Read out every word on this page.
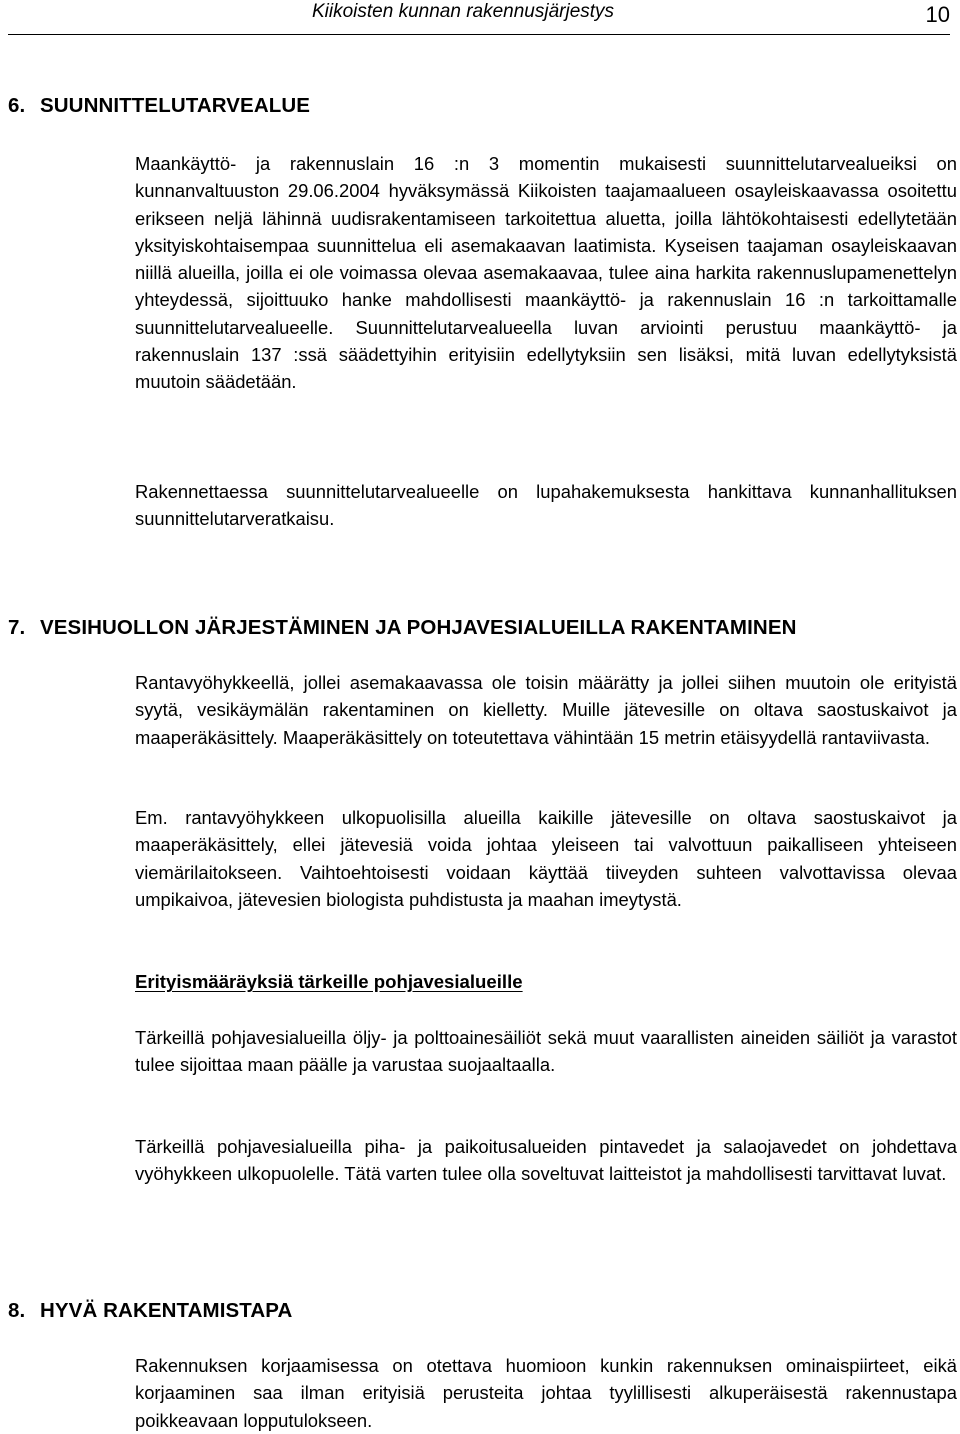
Kiikoisten kunnan rakennusjärjestys	10
6. SUUNNITTELUTARVEALUE

Maankäyttö- ja rakennuslain 16 :n 3 momentin mukaisesti suunnittelutarvealueiksi on kunnanvaltuuston 29.06.2004 hyväksymässä Kiikoisten taajamaalueen osayleiskaavassa osoitettu erikseen neljä lähinnä uudisrakentamiseen tarkoitettua aluetta, joilla lähtökohtaisesti edellytetään yksityiskohtaisempaa suunnittelua eli asemakaavan laatimista. Kyseisen taajaman osayleiskaavan niillä alueilla, joilla ei ole voimassa olevaa asemakaavaa, tulee aina harkita rakennuslupamenettelyn yhteydessä, sijoittuuko hanke mahdollisesti maankäyttö- ja rakennuslain 16 :n tarkoittamalle suunnittelutarvealueelle. Suunnittelutarvealueella luvan arviointi perustuu maankäyttö- ja rakennuslain 137 :ssä säädettyihin erityisiin edellytyksiin sen lisäksi, mitä luvan edellytyksistä muutoin säädetään.

Rakennettaessa suunnittelutarvealueelle on lupahakemuksesta hankittava kunnanhallituksen suunnittelutarveratkaisu.

7. VESIHUOLLON JÄRJESTÄMINEN JA POHJAVESIALUEILLA RAKENTAMINEN

Rantavyöhykkeellä, jollei asemakaavassa ole toisin määrätty ja jollei siihen muutoin ole erityistä syytä, vesikäymälän rakentaminen on kielletty. Muille jätevesille on oltava saostuskaivot ja maaperäkäsittely. Maaperäkäsittely on toteutettava vähintään 15 metrin etäisyydellä rantaviivasta.

Em. rantavyöhykkeen ulkopuolisilla alueilla kaikille jätevesille on oltava saostuskaivot ja maaperäkäsittely, ellei jätevesiä voida johtaa yleiseen tai valvottuun paikalliseen yhteiseen viemärilaitokseen. Vaihtoehtoisesti voidaan käyttää tiiveyden suhteen valvottavissa olevaa umpikaivoa, jätevesien biologista puhdistusta ja maahan imeytystä.

Erityismääräyksiä tärkeille pohjavesialueille

Tärkeillä pohjavesialueilla öljy- ja polttoainesäiliöt sekä muut vaarallisten aineiden säiliöt ja varastot tulee sijoittaa maan päälle ja varustaa suojaaltaalla.

Tärkeillä pohjavesialueilla piha- ja paikoitusalueiden pintavedet ja salaojavedet on johdettava vyöhykkeen ulkopuolelle. Tätä varten tulee olla soveltuvat laitteistot ja mahdollisesti tarvittavat luvat.

8. HYVÄ RAKENTAMISTAPA

Rakennuksen korjaamisessa on otettava huomioon kunkin rakennuksen ominaispiirteet, eikä korjaaminen saa ilman erityisiä perusteita johtaa tyylillisesti alkuperäisestä rakennustapa poikkeavaan lopputulokseen.
